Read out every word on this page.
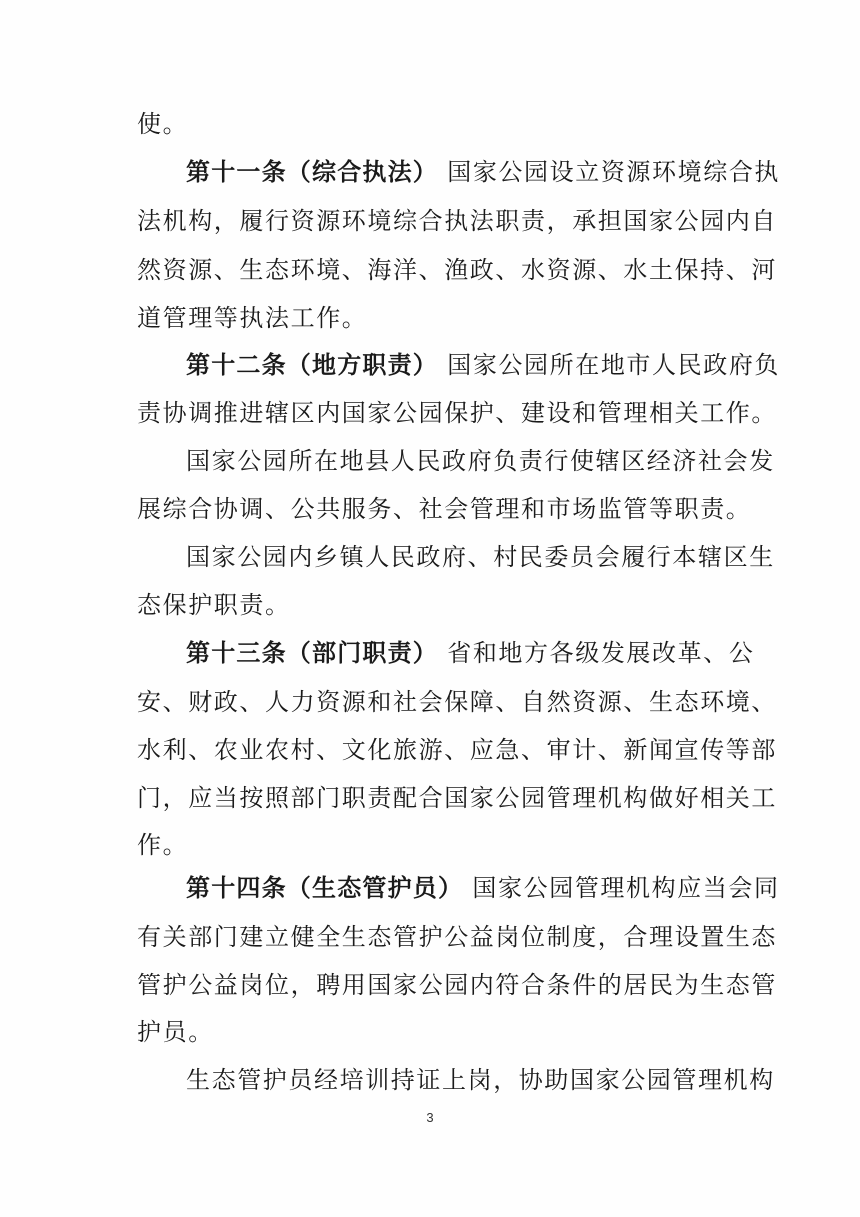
使。
第十一条（综合执法） 国家公园设立资源环境综合执
法机构，履行资源环境综合执法职责，承担国家公园内自
然资源、生态环境、海洋、渔政、水资源、水土保持、河
道管理等执法工作。
第十二条（地方职责） 国家公园所在地市人民政府负
责协调推进辖区内国家公园保护、建设和管理相关工作。
国家公园所在地县人民政府负责行使辖区经济社会发
展综合协调、公共服务、社会管理和市场监管等职责。
国家公园内乡镇人民政府、村民委员会履行本辖区生
态保护职责。
第十三条（部门职责） 省和地方各级发展改革、公
安、财政、人力资源和社会保障、自然资源、生态环境、
水利、农业农村、文化旅游、应急、审计、新闻宣传等部
门，应当按照部门职责配合国家公园管理机构做好相关工
作。
第十四条（生态管护员） 国家公园管理机构应当会同
有关部门建立健全生态管护公益岗位制度，合理设置生态
管护公益岗位，聘用国家公园内符合条件的居民为生态管
护员。
生态管护员经培训持证上岗，协助国家公园管理机构
3
